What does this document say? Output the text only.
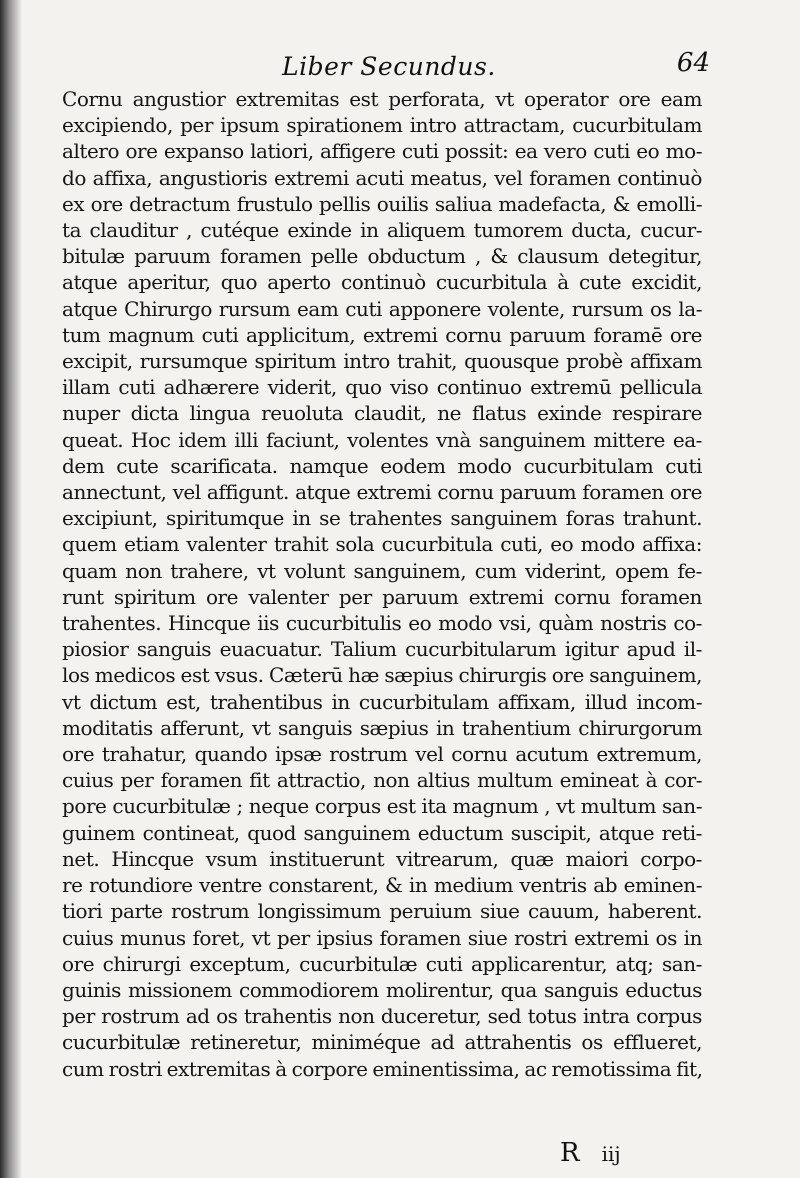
Liber Secundus.	64
Cornu angustior extremitas est perforata, vt operator ore eam
excipiendo, per ipsum spirationem intro attractam, cucurbitulam
altero ore expanso latiori, affigere cuti possit: ea vero cuti eo mo-
do affixa, angustioris extremi acuti meatus, vel foramen continuò
ex ore detractum frustulo pellis ouilis saliua madefacta, & emolli-
ta clauditur , cutéque exinde in aliquem tumorem ducta, cucur-
bitulæ paruum foramen pelle obductum , & clausum detegitur,
atque aperitur, quo aperto continuò cucurbitula à cute excidit,
atque Chirurgo rursum eam cuti apponere volente, rursum os la-
tum magnum cuti applicitum, extremi cornu paruum foramē ore
excipit, rursumque spiritum intro trahit, quousque probè affixam
illam cuti adhærere viderit, quo viso continuo extremū pellicula
nuper dicta lingua reuoluta claudit, ne flatus exinde respirare
queat. Hoc idem illi faciunt, volentes vnà sanguinem mittere ea-
dem cute scarificata. namque eodem modo cucurbitulam cuti
annectunt, vel affigunt. atque extremi cornu paruum foramen ore
excipiunt, spiritumque in se trahentes sanguinem foras trahunt.
quem etiam valenter trahit sola cucurbitula cuti, eo modo affixa:
quam non trahere, vt volunt sanguinem, cum viderint, opem fe-
runt spiritum ore valenter per paruum extremi cornu foramen
trahentes. Hincque iis cucurbitulis eo modo vsi, quàm nostris co-
piosior sanguis euacuatur. Talium cucurbitularum igitur apud il-
los medicos est vsus. Cæterū hæ sæpius chirurgis ore sanguinem,
vt dictum est, trahentibus in cucurbitulam affixam, illud incom-
moditatis afferunt, vt sanguis sæpius in trahentium chirurgorum
ore trahatur, quando ipsæ rostrum vel cornu acutum extremum,
cuius per foramen fit attractio, non altius multum emineat à cor-
pore cucurbitulæ ; neque corpus est ita magnum , vt multum san-
guinem contineat, quod sanguinem eductum suscipit, atque reti-
net. Hincque vsum instituerunt vitrearum, quæ maiori corpo-
re rotundiore ventre constarent, & in medium ventris ab eminen-
tiori parte rostrum longissimum peruium siue cauum, haberent.
cuius munus foret, vt per ipsius foramen siue rostri extremi os in
ore chirurgi exceptum, cucurbitulæ cuti applicarentur, atq; san-
guinis missionem commodiorem molirentur, qua sanguis eductus
per rostrum ad os trahentis non duceretur, sed totus intra corpus
cucurbitulæ retineretur, miniméque ad attrahentis os efflueret,
cum rostri extremitas à corpore eminentissima, ac remotissima fit,
R iij
